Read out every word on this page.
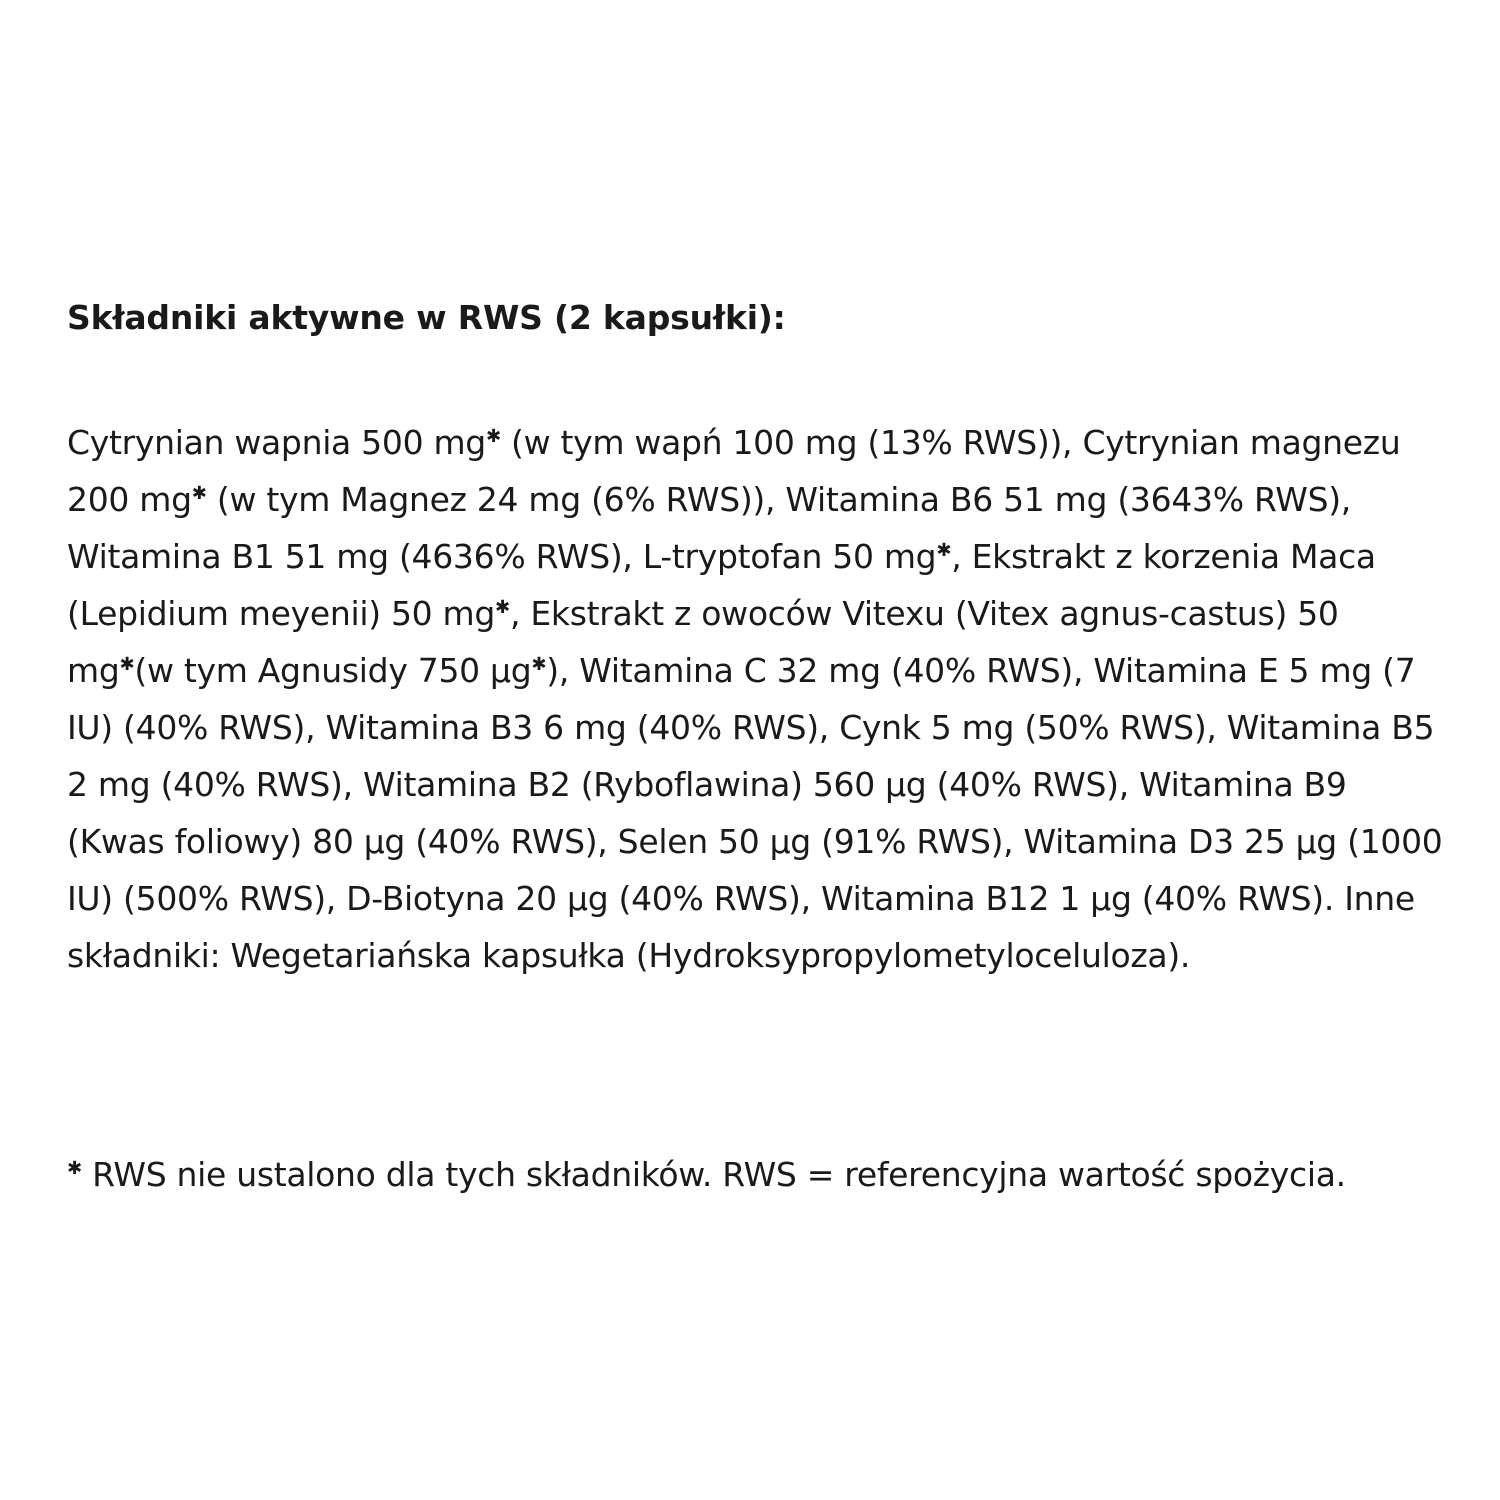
Składniki aktywne w RWS (2 kapsułki):

Cytrynian wapnia 500 mg✱ (w tym wapń 100 mg (13% RWS)), Cytrynian magnezu 200 mg✱ (w tym Magnez 24 mg (6% RWS)), Witamina B6 51 mg (3643% RWS), Witamina B1 51 mg (4636% RWS), L-tryptofan 50 mg✱, Ekstrakt z korzenia Maca (Lepidium meyenii) 50 mg✱, Ekstrakt z owoców Vitexu (Vitex agnus-castus) 50 mg✱(w tym Agnusidy 750 µg✱), Witamina C 32 mg (40% RWS), Witamina E 5 mg (7 IU) (40% RWS), Witamina B3 6 mg (40% RWS), Cynk 5 mg (50% RWS), Witamina B5 2 mg (40% RWS), Witamina B2 (Ryboflawina) 560 µg (40% RWS), Witamina B9 (Kwas foliowy) 80 µg (40% RWS), Selen 50 µg (91% RWS), Witamina D3 25 µg (1000 IU) (500% RWS), D-Biotyna 20 µg (40% RWS), Witamina B12 1 µg (40% RWS). Inne składniki: Wegetariańska kapsułka (Hydroksypropylometyloceluloza).

✱ RWS nie ustalono dla tych składników. RWS = referencyjna wartość spożycia.
